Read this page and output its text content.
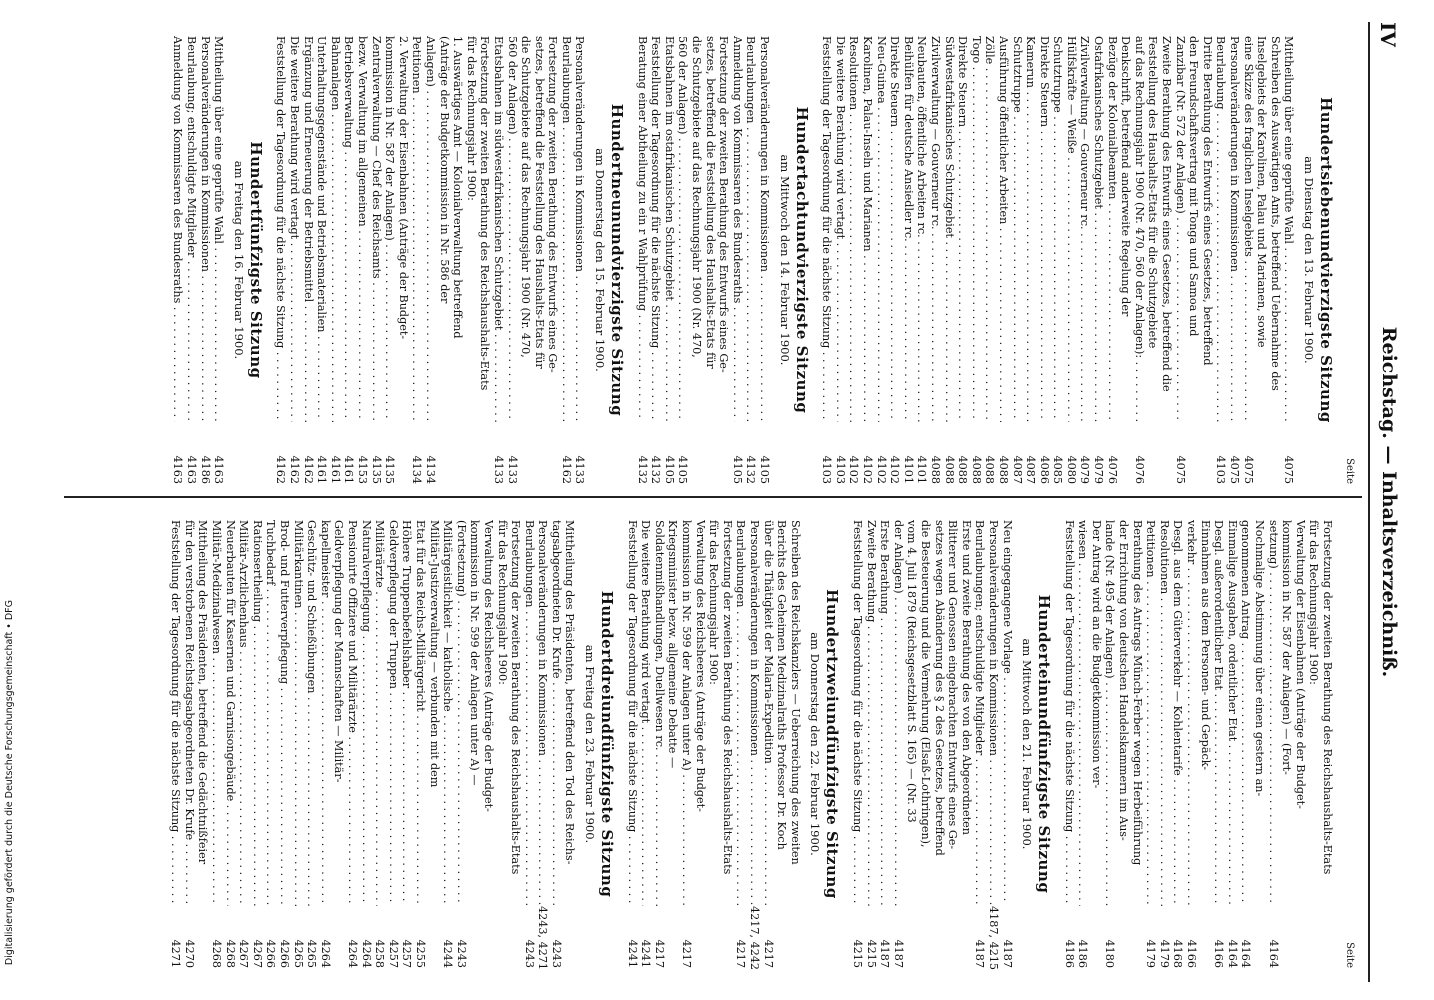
IV
Reichstag. — Inhaltsverzeichniß.
Seite
Hundertsiebenundvierzigste Sitzung
am Dienstag den 13. Februar 1900.
Mittheilung über eine geprüfte Wahl . . .
4075
Schreiben des Auswärtigen Amts, betreffend Uebernahme des
Inselgebiets der Karolinen, Palau und Marianen, sowie
eine Skizze des fraglichen Inselgebiets . . .
4075
Personalveränderungen in Kommissionen . . .
4075
Beurlaubung . . .
4103
Dritte Berathung des Entwurfs eines Gesetzes, betreffend
den Freundschaftsvertrag mit Tonga und Samoa und
Zanzibar (Nr. 572 der Anlagen) . . .
4075
Zweite Berathung des Entwurfs eines Gesetzes, betreffend die
Feststellung des Haushalts-Etats für die Schutzgebiete
auf das Rechnungsjahr 1900 (Nr. 470, 560 der Anlagen): . . .
4076
Denkschrift, betreffend anderweite Regelung der
Bezüge der Kolonialbeamten . . .
4076
Ostafrikanisches Schutzgebiet . . .
4079
Zivilverwaltung — Gouverneur rc. . . .
4079
Hülfskräfte — Weiße . . .
4080
Schutztruppe . . .
4085
Direkte Steuern . . .
4086
Kamerun . . .
4087
Schutztruppe . . .
4087
Ausführung öffentlicher Arbeiten . . .
4088
Zölle . . .
4088
Togo . . .
4088
Direkte Steuern . . .
4088
Südwestafrikanisches Schutzgebiet . . .
4088
Zivilverwaltung — Gouverneur rc. . . .
4088
Neubauten, öffentliche Arbeiten rc. . . .
4101
Beihülfen für deutsche Ansiedler rc. . . .
4101
Direkte Steuern . . .
4102
Neu-Guinea . . .
4102
Karolinen, Palau-Inseln und Marianen . . .
4102
Resolutionen . . .
4102
Die weitere Berathung wird vertagt . . .
4103
Feststellung der Tagesordnung für die nächste Sitzung . . .
4103
Hundertachtundvierzigste Sitzung
am Mittwoch den 14. Februar 1900.
Personalveränderungen in Kommissionen . . .
4105
Beurlaubungen . . .
4132
Anmeldung von Kommissaren des Bundesraths . . .
4105
Fortsetzung der zweiten Berathung des Entwurfs eines Ge-
setzes, betreffend die Feststellung des Haushalts-Etats für
die Schutzgebiete auf das Rechnungsjahr 1900 (Nr. 470,
560 der Anlagen) . . .
4105
Etatsbahnen im ostafrikanischen Schutzgebiet . . .
4105
Feststellung der Tagesordnung für die nächste Sitzung . . .
4132
Beratung einer Abtheilung zu ein r Wahlprüfung . . .
4132
Hundertneunundvierzigste Sitzung
am Donnerstag den 15. Februar 1900.
Personalveränderungen in Kommissionen . . .
4133
Beurlaubungen . . .
4162
Fortsetzung der zweiten Berathung des Entwurfs eines Ge-
setzes, betreffend die Feststellung des Haushalts-Etats für
die Schutzgebiete auf das Rechnungsjahr 1900 (Nr. 470,
560 der Anlagen) . . .
4133
Etatsbahnen im südwestafrikanischen Schutzgebiet . . .
4133
Fortsetzung der zweiten Berathung des Reichshaushalts-Etats
für das Rechnungsjahr 1900:
1. Auswärtiges Amt — Kolonialverwaltung betreffend
(Anträge der Budgetkommission in Nr. 586 der
Anlagen) . . .
4134
Petitionen . . .
4134
2. Verwaltung der Eisenbahnen (Anträge der Budget-
kommission in Nr. 587 der Anlagen) . . .
4135
Zentralverwaltung — Chef des Reichsamts . . .
4135
bezw. Verwaltung im allgemeinen . . .
4153
Betriebsverwaltung . . .
4161
Bahnanlagen . . .
4161
Unterhaltungsgegenstände und Betriebsmaterialien . . .
4161
Ergänzung und Erneuerung der Betriebsmittel . . .
4162
Die weitere Berathung wird vertagt . . .
4162
Feststellung der Tagesordnung für die nächste Sitzung . . .
4162
Hundertfünfzigste Sitzung
am Freitag den 16. Februar 1900.
Mittheilung über eine geprüfte Wahl . . .
4163
Personalveränderungen in Kommissionen . . .
4186
Beurlaubung; entschuldigte Mitglieder . . .
4163
Anmeldung von Kommissaren des Bundesraths . . .
4163
Seite
Fortsetzung der zweiten Berathung des Reichshaushalts-Etats
für das Rechnungsjahr 1900:
Verwaltung der Eisenbahnen (Anträge der Budget-
kommission in Nr. 587 der Anlagen) — (Fort-
setzung) . . .
4164
Nochmalige Abstimmung über einen gestern an-
genommenen Antrag . . .
4164
Einmalige Ausgaben, ordentlicher Etat . . .
4164
Desgl. außerordentlicher Etat . . .
4166
Einnahmen aus dem Personen- und Gepäck-
verkehr . . .
4166
Desgl. aus dem Güterverkehr — Kohlentarife . . .
4168
Resolutionen . . .
4179
Petitionen . . .
4179
Berathung des Antrags Münch-Ferber wegen Herbeiführung
der Errichtung von deutschen Handelskammern im Aus-
lande (Nr. 495 der Anlagen) . . .
4180
Der Antrag wird an die Budgetkommission ver-
wiesen . . .
4186
Feststellung der Tagesordnung für die nächste Sitzung . . .
4186
Hunderteinundfünfzigste Sitzung
am Mittwoch den 21. Februar 1900.
Neu eingegangene Vorlage . . .
4187
Personalveränderungen in Kommissionen . . .
4187, 4215
Beurlaubungen; entschuldigte Mitglieder . . .
4187
Erste und zweite Berathung des von den Abgeordneten
Blitterer und Genossen eingebrachten Entwurfs eines Ge-
setzes wegen Abänderung des § 2 des Gesetzes, betreffend
die Besteuerung und die Vermehrung (Elsaß-Lothringen),
vom 4. Juli 1879 (Reichsgesetzblatt S. 165) — (Nr. 33
der Anlagen) . . .
4187
Erste Berathung . . .
4187
Zweite Berathung . . .
4215
Feststellung der Tagesordnung für die nächste Sitzung . . .
4215
Hundertzweiundfünfzigste Sitzung
am Donnerstag den 22. Februar 1900.
Schreiben des Reichskanzlers — Ueberreichung des zweiten
Berichts des Geheimen Medizinalraths Professor Dr. Koch
über die Thätigkeit der Malaria-Expedition . . .
4217
Personalveränderungen in Kommissionen . . .
4217, 4242
Beurlaubungen . . .
4217
Fortsetzung der zweiten Berathung des Reichshaushalts-Etats
für das Rechnungsjahr 1900:
Verwaltung des Reichsheeres (Anträge der Budget-
kommission in Nr. 599 der Anlagen unter A) . . .
4217
Kriegsminister bezw. allgemeine Debatte —
Soldatenmißhandlungen, Duellwesen rc. . . .
4217
Die weitere Berathung wird vertagt . . .
4241
Feststellung der Tagesordnung für die nächste Sitzung . . .
4241
Hundertdreiundfünfzigste Sitzung
am Freitag den 23. Februar 1900.
Mittheilung des Präsidenten, betreffend den Tod des Reichs-
tagsabgeordneten Dr. Krufe . . .
4243
Personalveränderungen in Kommissionen . . .
4243, 4271
Beurlaubungen . . .
4243
Fortsetzung der zweiten Berathung des Reichshaushalts-Etats
für das Rechnungsjahr 1900:
Verwaltung des Reichsheeres (Anträge der Budget-
kommission in Nr. 599 der Anlagen unter A) —
(Fortsetzung) . . .
4243
Militärgeistlichkeit — katholische . . .
4244
Militär-Justizverwaltung — verbunden mit dem
Etat für das Reichs-Militärgericht . . .
4255
Höhere Truppenbefehlshaber . . .
4257
Geldverpflegung der Truppen . . .
4257
Militärärzte . . .
4258
Naturalverpflegung . . .
4264
Pensionirte Offiziere und Militärärzte . . .
4264
Geldverpflegung der Mannschaften — Militär-
kapellmeister . . .
4264
Geschütz- und Schießübungen . . .
4265
Militärkantinen . . .
4265
Brod- und Futterverpflegung . . .
4266
Tuchbedarf . . .
4266
Rationsertheilung . . .
4267
Militär-Arztlichenhaus . . .
4267
Neuerbauten für Kasernen und Garnisongebäude . . .
4268
Militär-Medizinalwesen . . .
4268
Mittheilung des Präsidenten, betreffend die Gedächtnißfeier
für den verstorbenen Reichstagsabgeordneten Dr. Krufe . . .
4270
Feststellung der Tagesordnung für die nächste Sitzung . . .
4271
Digitalisierung gefördert durch die Deutsche Forschungsgemeinschaft • DFG
